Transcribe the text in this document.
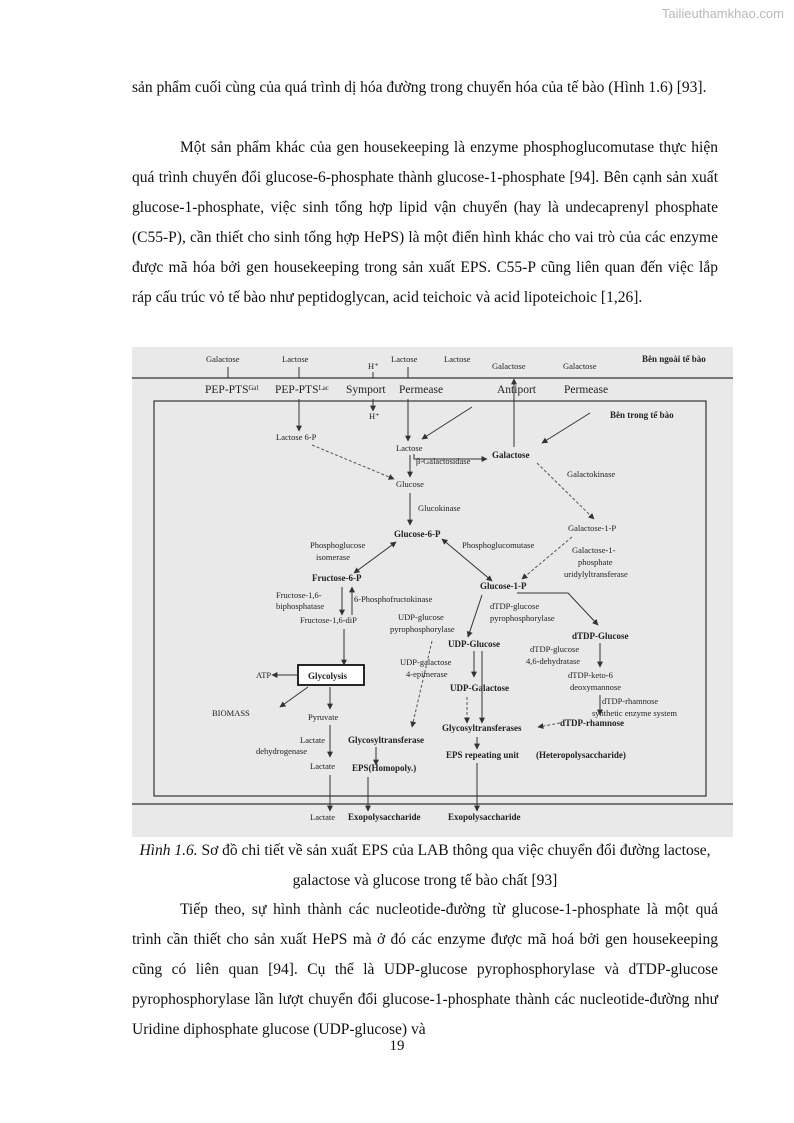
Tailieuthamkhao.com

sản phẩm cuối cùng của quá trình dị hóa đường trong chuyển hóa của tế bào (Hình 1.6) [93].

Một sản phẩm khác của gen housekeeping là enzyme phosphoglucomutase thực hiện quá trình chuyển đổi glucose-6-phosphate thành glucose-1-phosphate [94]. Bên cạnh sản xuất glucose-1-phosphate, việc sinh tổng hợp lipid vận chuyển (hay là undecaprenyl phosphate (C55-P), cần thiết cho sinh tổng hợp HePS) là một điển hình khác cho vai trò của các enzyme được mã hóa bởi gen housekeeping trong sản xuất EPS. C55-P cũng liên quan đến việc lắp ráp cấu trúc vỏ tế bào như peptidoglycan, acid teichoic và acid lipoteichoic [1,26].

Bên ngoài tế bào
Bên trong tế bào
Galactose	Lactose
H⁺
Lactose	Lactose
Galactose	Galactose
PEP-PTSᴳᵃˡ PEP-PTSᴸᵃᶜ Symport Permease	Antiport Permease
H⁺
Lactose 6-P
Lactose
β-Galactosidase
Galactose
Glucose
Glucokinase
Galactokinase
Galactose-1-P
Galactose-1-
phosphate
uridylyltransferase
Glucose-6-P
Phosphoglucose
isomerase
Phosphoglucomutase
Fructose-6-P
Fructose-1,6-
biphosphatase
6-Phosphofructokinase
Fructose-1,6-diP
Glucose-1-P
UDP-glucose
pyrophosphorylase
dTDP-glucose
pyrophosphorylase
UDP-Glucose
dTDP-Glucose
dTDP-glucose
4,6-dehydratase
UDP-galactose
4-epimerase
UDP-Galactose
dTDP-keto-6
deoxymannose
dTDP-rhamnose
synthetic enzyme system
dTDP-rhamnose
ATP	Glycolysis
BIOMASS	Pyruvate
Lactate
dehydrogenase
Glycosyltransferase
Glycosyltransferases
EPS repeating unit (Heteropolysaccharide)
Lactate EPS(Homopoly.)
Lactate Exopolysaccharide	Exopolysaccharide
Hình 1.6. Sơ đồ chi tiết về sản xuất EPS của LAB thông qua việc chuyển đổi đường lactose, galactose và glucose trong tế bào chất [93]

Tiếp theo, sự hình thành các nucleotide-đường từ glucose-1-phosphate là một quá trình cần thiết cho sản xuất HePS mà ở đó các enzyme được mã hoá bởi gen housekeeping cũng có liên quan [94]. Cụ thể là UDP-glucose pyrophosphorylase và dTDP-glucose pyrophosphorylase lần lượt chuyển đổi glucose-1-phosphate thành các nucleotide-đường như Uridine diphosphate glucose (UDP-glucose) và

19
